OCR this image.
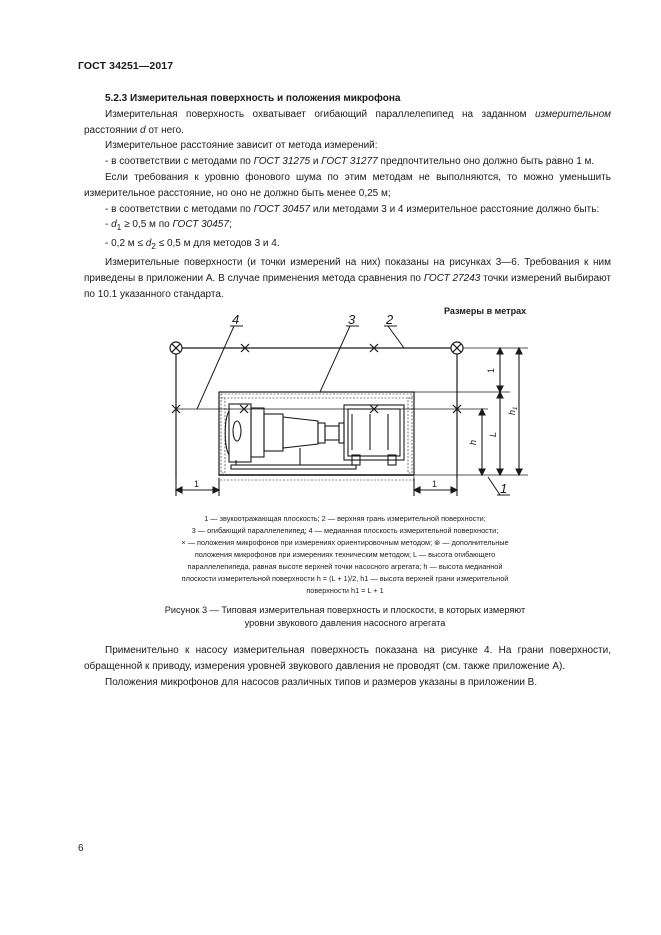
ГОСТ 34251—2017

5.2.3 Измерительная поверхность и положения микрофона

Измерительная поверхность охватывает огибающий параллелепипед на заданном измерительном расстоянии d от него.

Измерительное расстояние зависит от метода измерений:

- в соответствии с методами по ГОСТ 31275 и ГОСТ 31277 предпочтительно оно должно быть равно 1 м.

Если требования к уровню фонового шума по этим методам не выполняются, то можно уменьшить измерительное расстояние, но оно не должно быть менее 0,25 м;

- в соответствии с методами по ГОСТ 30457 или методами 3 и 4 измерительное расстояние должно быть:

- $d_1 \ge 0,5$ м по ГОСТ 30457;

- 0,2 $м \le d_2 \le 0,5$ м для методов 3 и 4.

Измерительные поверхности (и точки измерений на них) показаны на рисунках 3—6. Требования к ним приведены в приложении А. В случае применения метода сравнения по ГОСТ 27243 точки измерений выбирают по 10.1 указанного стандарта.

Размеры в метрах
4	3 2
1
1	1
1
h
L
$h_1$
1 — звукоотражающая плоскость; 2 — верхняя грань измерительной поверхности;
3 — огибающий параллелепипед; 4 — медианная плоскость измерительной поверхности;
× — положения микрофонов при измерениях ориентировочным методом; ⊗ — дополнительные
положения микрофонов при измерениях техническим методом; L — высота огибающего
параллелепипеда, равная высоте верхней точки насосного агрегата; h — высота медианной
плоскости измерительной поверхности h = (L + 1)/2, h1 — высота верхней грани измерительной
поверхности h1 = L + 1
Рисунок 3 — Типовая измерительная поверхность и плоскости, в которых измеряют
уровни звукового давления насосного агрегата

Применительно к насосу измерительная поверхность показана на рисунке 4. На грани поверхности, обращенной к приводу, измерения уровней звукового давления не проводят (см. также приложение А).

Положения микрофонов для насосов различных типов и размеров указаны в приложении В.

6
